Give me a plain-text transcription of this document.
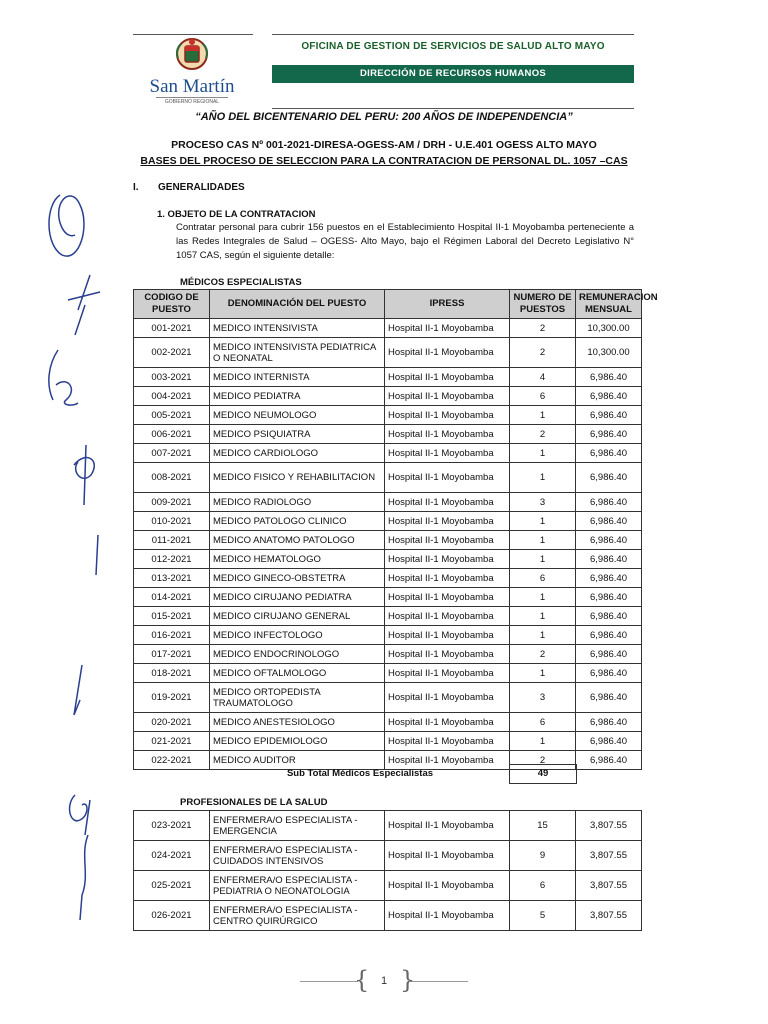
San Martín
GOBIERNO REGIONAL
OFICINA DE GESTION DE SERVICIOS DE SALUD ALTO MAYO
DIRECCIÓN DE RECURSOS HUMANOS
“AÑO DEL BICENTENARIO DEL PERU: 200 AÑOS DE INDEPENDENCIA”
PROCESO CAS Nº 001-2021-DIRESA-OGESS-AM / DRH - U.E.401 OGESS ALTO MAYO
BASES DEL PROCESO DE SELECCION PARA LA CONTRATACION DE PERSONAL DL. 1057 –CAS
I. GENERALIDADES
1. OBJETO DE LA CONTRATACION
Contratar personal para cubrir 156 puestos en el Establecimiento Hospital II-1 Moyobamba perteneciente a las Redes Integrales de Salud – OGESS- Alto Mayo, bajo el Régimen Laboral del Decreto Legislativo N° 1057 CAS, según el siguiente detalle:
MÉDICOS ESPECIALISTAS
CODIGO DE PUESTO	DENOMINACIÓN DEL PUESTO	IPRESS	NUMERO DE PUESTOS	REMUNERACION MENSUAL
001-2021	MEDICO INTENSIVISTA	Hospital II-1 Moyobamba	2	10,300.00
002-2021	MEDICO INTENSIVISTA PEDIATRICA O NEONATAL	Hospital II-1 Moyobamba	2	10,300.00
003-2021	MEDICO INTERNISTA	Hospital II-1 Moyobamba	4	6,986.40
004-2021	MEDICO PEDIATRA	Hospital II-1 Moyobamba	6	6,986.40
005-2021	MEDICO NEUMOLOGO	Hospital II-1 Moyobamba	1	6,986.40
006-2021	MEDICO PSIQUIATRA	Hospital II-1 Moyobamba	2	6,986.40
007-2021	MEDICO CARDIOLOGO	Hospital II-1 Moyobamba	1	6,986.40
008-2021	MEDICO FISICO Y REHABILITACION	Hospital II-1 Moyobamba	1	6,986.40
009-2021	MEDICO RADIOLOGO	Hospital II-1 Moyobamba	3	6,986.40
010-2021	MEDICO PATOLOGO CLINICO	Hospital II-1 Moyobamba	1	6,986.40
011-2021	MEDICO ANATOMO PATOLOGO	Hospital II-1 Moyobamba	1	6,986.40
012-2021	MEDICO HEMATOLOGO	Hospital II-1 Moyobamba	1	6,986.40
013-2021	MEDICO GINECO-OBSTETRA	Hospital II-1 Moyobamba	6	6,986.40
014-2021	MEDICO CIRUJANO PEDIATRA	Hospital II-1 Moyobamba	1	6,986.40
015-2021	MEDICO CIRUJANO GENERAL	Hospital II-1 Moyobamba	1	6,986.40
016-2021	MEDICO INFECTOLOGO	Hospital II-1 Moyobamba	1	6,986.40
017-2021	MEDICO ENDOCRINOLOGO	Hospital II-1 Moyobamba	2	6,986.40
018-2021	MEDICO OFTALMOLOGO	Hospital II-1 Moyobamba	1	6,986.40
019-2021	MEDICO ORTOPEDISTA TRAUMATOLOGO	Hospital II-1 Moyobamba	3	6,986.40
020-2021	MEDICO ANESTESIOLOGO	Hospital II-1 Moyobamba	6	6,986.40
021-2021	MEDICO EPIDEMIOLOGO	Hospital II-1 Moyobamba	1	6,986.40
022-2021	MEDICO AUDITOR	Hospital II-1 Moyobamba	2	6,986.40
Sub Total Médicos Especialistas	49
PROFESIONALES DE LA SALUD
023-2021	ENFERMERA/O ESPECIALISTA - EMERGENCIA	Hospital II-1 Moyobamba	15	3,807.55
024-2021	ENFERMERA/O ESPECIALISTA - CUIDADOS INTENSIVOS	Hospital II-1 Moyobamba	9	3,807.55
025-2021	ENFERMERA/O ESPECIALISTA - PEDIATRIA O NEONATOLOGIA	Hospital II-1 Moyobamba	6	3,807.55
026-2021	ENFERMERA/O ESPECIALISTA - CENTRO QUIRÚRGICO	Hospital II-1 Moyobamba	5	3,807.55
{ }
1
